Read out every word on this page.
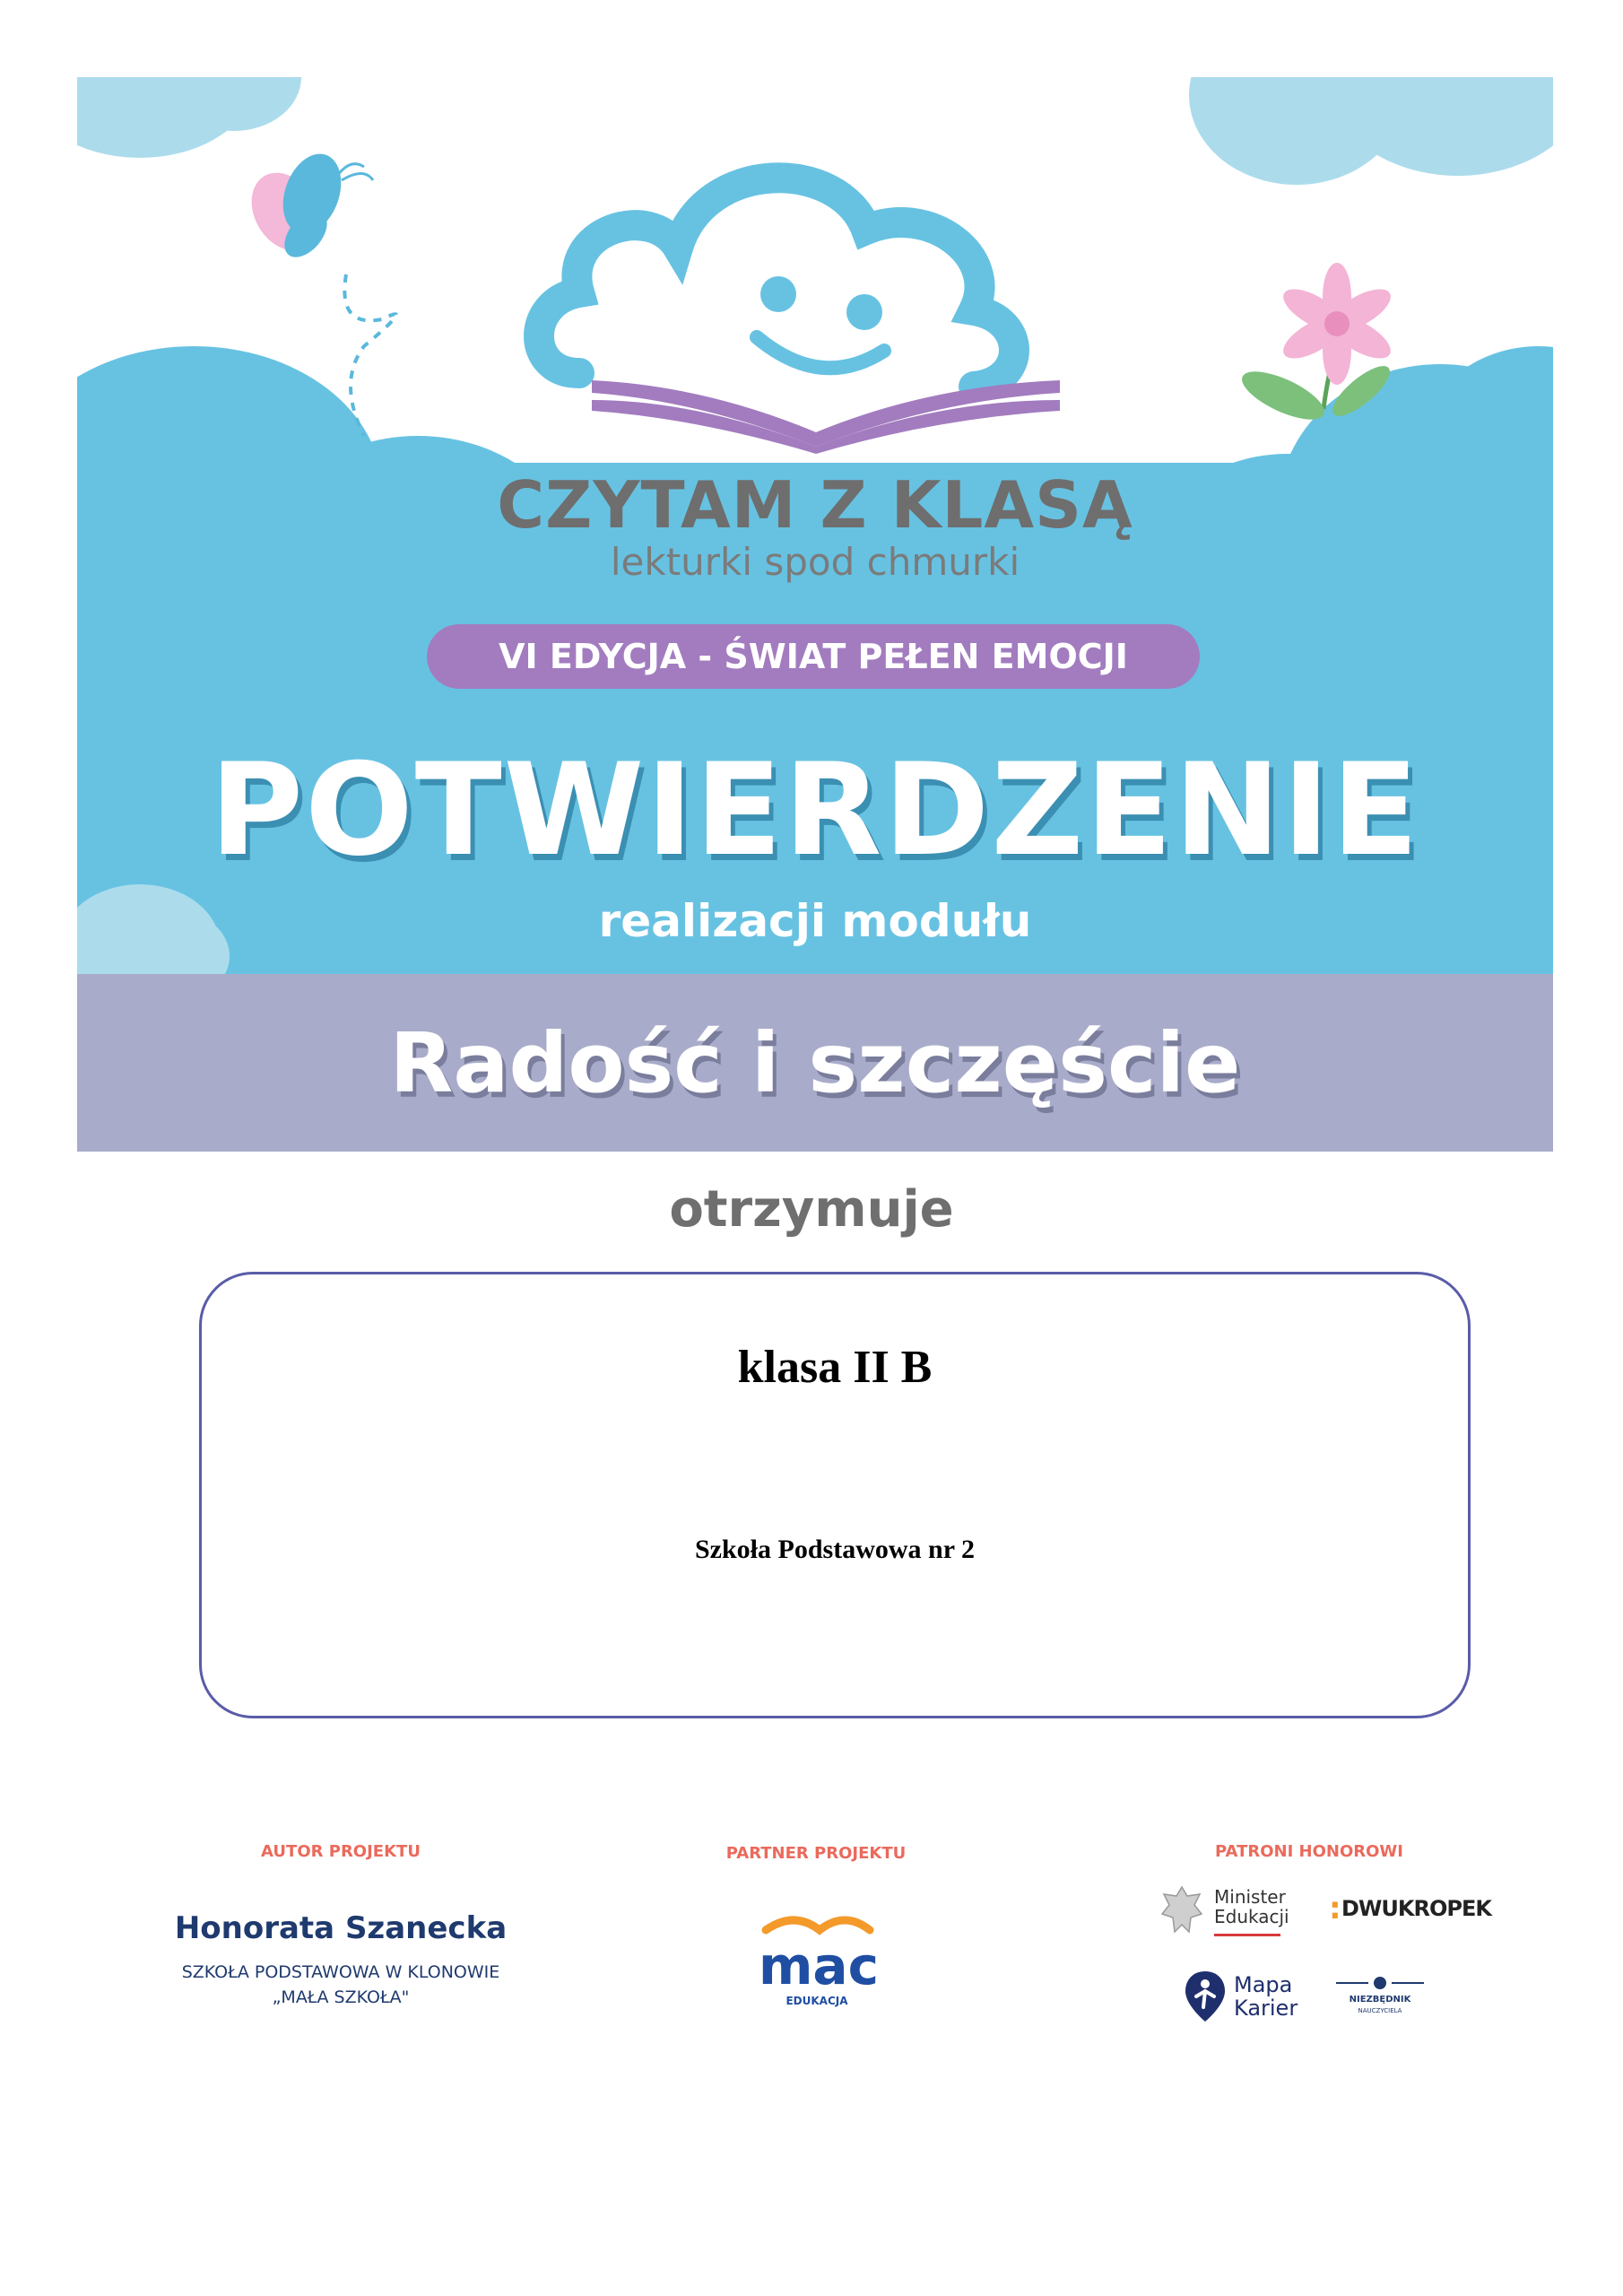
CZYTAM Z KLASĄ

lekturki spod chmurki

VI EDYCJA - ŚWIAT PEŁEN EMOCJI

POTWIERDZENIE

realizacji modułu

Radość i szczęście

otrzymuje

klasa II B

Szkoła Podstawowa nr 2

AUTOR PROJEKTU

Honorata Szanecka

SZKOŁA PODSTAWOWA W KLONOWIE
„MAŁA SZKOŁA"

PARTNER PROJEKTU

mac

EDUKACJA

PATRONI HONOROWI

Minister
Edukacji : DWUKROPEK
Mapa
Karier	NIEZBĘDNIK
NAUCZYCIELA
